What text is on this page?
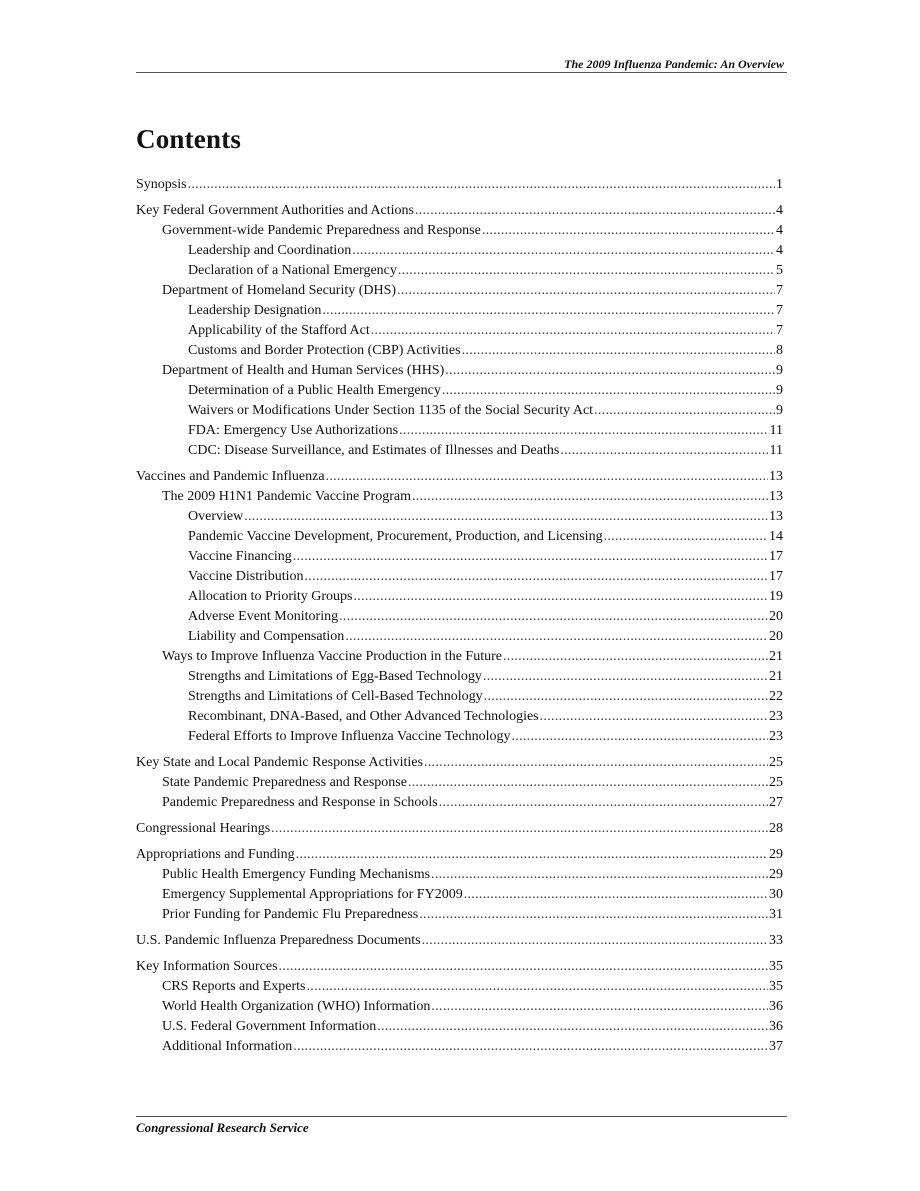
The 2009 Influenza Pandemic: An Overview
Contents
Synopsis . . .	1
Key Federal Government Authorities and Actions . . .	4
Government-wide Pandemic Preparedness and Response . . .	4
Leadership and Coordination . . .	4
Declaration of a National Emergency . . .	5
Department of Homeland Security (DHS) . . .	7
Leadership Designation . . .	7
Applicability of the Stafford Act . . .	7
Customs and Border Protection (CBP) Activities . . .	8
Department of Health and Human Services (HHS) . . .	9
Determination of a Public Health Emergency . . .	9
Waivers or Modifications Under Section 1135 of the Social Security Act . . .	9
FDA: Emergency Use Authorizations . . .	11
CDC: Disease Surveillance, and Estimates of Illnesses and Deaths . . .	11
Vaccines and Pandemic Influenza . . .	13
The 2009 H1N1 Pandemic Vaccine Program . . .	13
Overview . . .	13
Pandemic Vaccine Development, Procurement, Production, and Licensing . . .	14
Vaccine Financing . . .	17
Vaccine Distribution . . .	17
Allocation to Priority Groups . . .	19
Adverse Event Monitoring . . .	20
Liability and Compensation . . .	20
Ways to Improve Influenza Vaccine Production in the Future . . .	21
Strengths and Limitations of Egg-Based Technology . . .	21
Strengths and Limitations of Cell-Based Technology . . .	22
Recombinant, DNA-Based, and Other Advanced Technologies . . .	23
Federal Efforts to Improve Influenza Vaccine Technology . . .	23
Key State and Local Pandemic Response Activities . . .	25
State Pandemic Preparedness and Response . . .	25
Pandemic Preparedness and Response in Schools . . .	27
Congressional Hearings . . .	28
Appropriations and Funding . . .	29
Public Health Emergency Funding Mechanisms . . .	29
Emergency Supplemental Appropriations for FY2009 . . .	30
Prior Funding for Pandemic Flu Preparedness . . .	31
U.S. Pandemic Influenza Preparedness Documents . . .	33
Key Information Sources . . .	35
CRS Reports and Experts . . .	35
World Health Organization (WHO) Information . . .	36
U.S. Federal Government Information . . .	36
Additional Information . . .	37
Congressional Research Service
